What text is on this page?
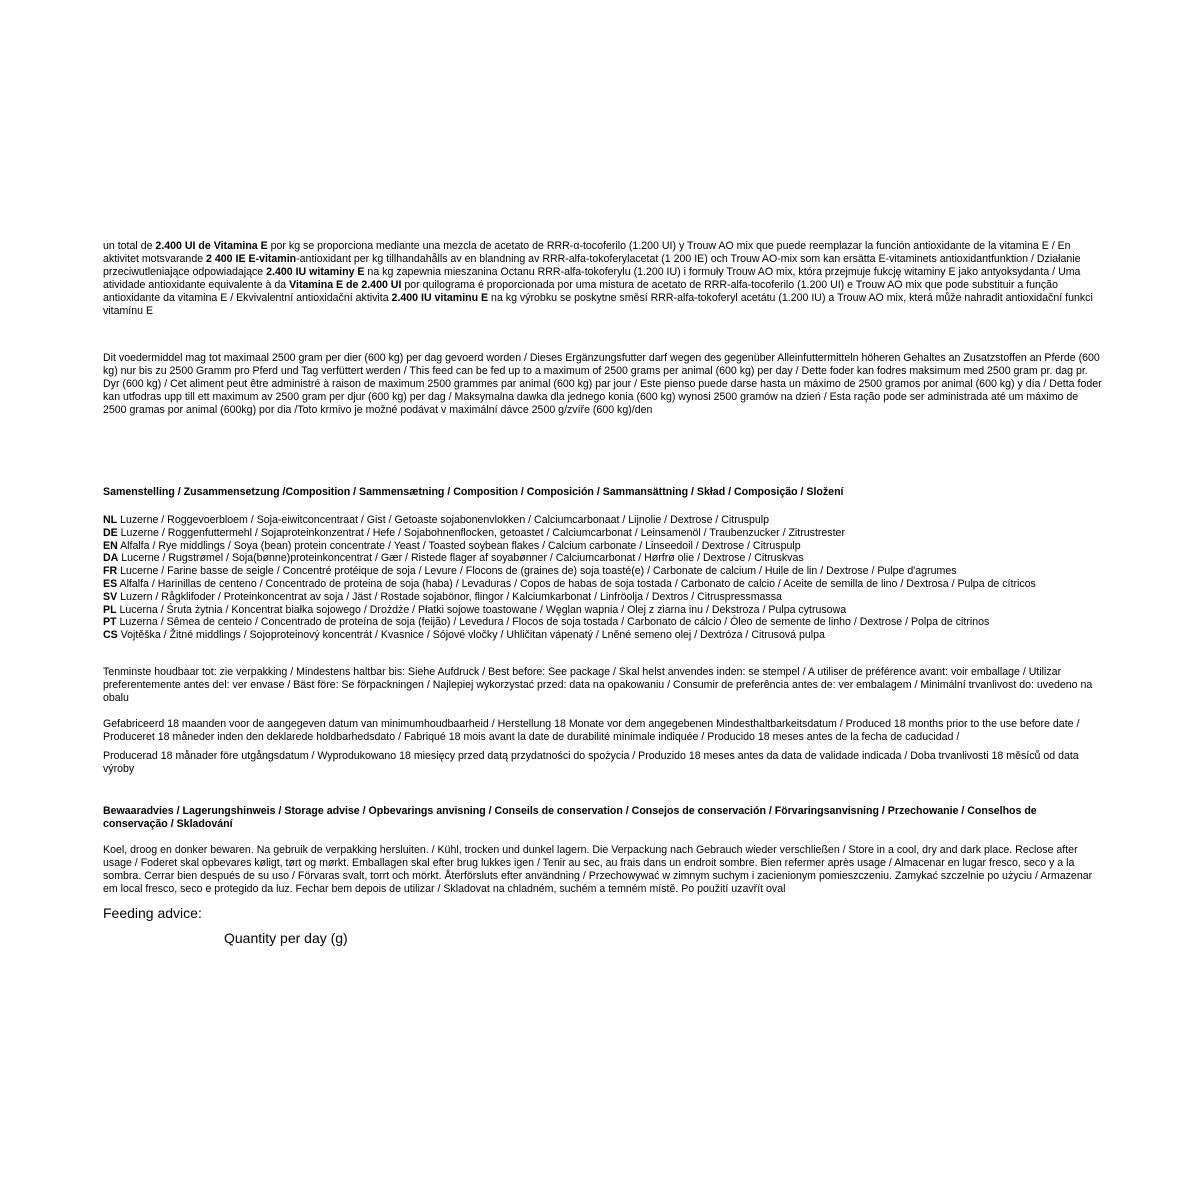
un total de 2.400 UI de Vitamina E por kg se proporciona mediante una mezcla de acetato de RRR-α-tocoferilo (1.200 UI) y Trouw AO mix que puede reemplazar la función antioxidante de la vitamina E / En aktivitet motsvarande 2 400 IE E-vitamin-antioxidant per kg tillhandahålls av en blandning av RRR-alfa-tokoferylacetat (1 200 IE) och Trouw AO-mix som kan ersätta E-vitaminets antioxidantfunktion / Działanie przeciwutleniające odpowiadające 2.400 IU witaminy E na kg zapewnia mieszanina Octanu RRR-alfa-tokoferylu (1.200 IU) i formuły Trouw AO mix, która przejmuje fukcję witaminy E jako antyoksydanta / Uma atividade antioxidante equivalente à da Vitamina E de 2.400 UI por quilograma é proporcionada por uma mistura de acetato de RRR-alfa-tocoferilo (1.200 UI) e Trouw AO mix que pode substituir a função antioxidante da vitamina E / Ekvivalentní antioxidační aktivita 2.400 IU vitaminu E na kg výrobku se poskytne směsí RRR-alfa-tokoferyl acetátu (1.200 IU) a Trouw AO mix, která může nahradit antioxidační funkci vitamínu E

Dit voedermiddel mag tot maximaal 2500 gram per dier (600 kg) per dag gevoerd worden / Dieses Ergänzungsfutter darf wegen des gegenüber Alleinfuttermitteln höheren Gehaltes an Zusatzstoffen an Pferde (600 kg) nur bis zu 2500 Gramm pro Pferd und Tag verfüttert werden / This feed can be fed up to a maximum of 2500 grams per animal (600 kg) per day / Dette foder kan fodres maksimum med 2500 gram pr. dag pr. Dyr (600 kg) / Cet aliment peut être administré à raison de maximum 2500 grammes par animal (600 kg) par jour / Este pienso puede darse hasta un máximo de 2500 gramos por animal (600 kg) y día / Detta foder kan utfodras upp till ett maximum av 2500 gram per djur (600 kg) per dag / Maksymalna dawka dla jednego konia (600 kg) wynosi 2500 gramów na dzień / Esta ração pode ser administrada até um máximo de 2500 gramas por animal (600kg) por dia /Toto krmivo je možné podávat v maximální dávce 2500 g/zvíře (600 kg)/den

Samenstelling / Zusammensetzung /Composition / Sammensætning / Composition / Composición / Sammansättning / Skład / Composição / Složení

NL Luzerne / Roggevoerbloem / Soja-eiwitconcentraat / Gist / Getoaste sojabonenvlokken / Calciumcarbonaat / Lijnolie / Dextrose / Citruspulp
DE Luzerne / Roggenfuttermehl / Sojaproteinkonzentrat / Hefe / Sojabohnenflocken, getoastet / Calciumcarbonat / Leinsamenöl / Traubenzucker / Zitrustrester
EN Alfalfa / Rye middlings / Soya (bean) protein concentrate / Yeast / Toasted soybean flakes / Calcium carbonate / Linseedoil / Dextrose / Citruspulp
DA Lucerne / Rugstrømel / Soja(bønne)proteinkoncentrat / Gær / Ristede flager af soyabønner / Calciumcarbonat / Hørfrø olie / Dextrose / Citruskvas
FR Lucerne / Farine basse de seigle / Concentré protéique de soja / Levure / Flocons de (graines de) soja toasté(e) / Carbonate de calcium / Huile de lin / Dextrose / Pulpe d'agrumes
ES Alfalfa / Harinillas de centeno / Concentrado de proteina de soja (haba) / Levaduras / Copos de habas de soja tostada / Carbonato de calcio / Aceite de semilla de lino / Dextrosa / Pulpa de cítricos
SV Luzern / Rågklifoder / Proteinkoncentrat av soja / Jäst / Rostade sojabönor, flingor / Kalciumkarbonat / Linfröolja / Dextros / Citruspressmassa
PL Lucerna / Śruta żytnia / Koncentrat białka sojowego / Drożdże / Płatki sojowe toastowane / Węglan wapnia / Olej z ziarna inu / Dekstroza / Pulpa cytrusowa
PT Luzerna / Sêmea de centeio / Concentrado de proteína de soja (feijão) / Levedura / Flocos de soja tostada / Carbonato de cálcio / Óleo de semente de linho / Dextrose / Polpa de citrinos
CS Vojtěška / Žitné middlings / Sojoproteinový koncentrát / Kvasnice / Sójové vločky / Uhličitan vápenatý / Lněné semeno olej / Dextróza / Citrusová pulpa

Tenminste houdbaar tot: zie verpakking / Mindestens haltbar bis: Siehe Aufdruck / Best before: See package / Skal helst anvendes inden: se stempel / A utiliser de préférence avant: voir emballage / Utilizar preferentemente antes del: ver envase / Bäst före: Se förpackningen / Najlepiej wykorzystać przed: data na opakowaniu / Consumir de preferência antes de: ver embalagem / Minimální trvanlivost do: uvedeno na obalu

Gefabriceerd 18 maanden voor de aangegeven datum van minimumhoudbaarheid / Herstellung 18 Monate vor dem angegebenen Mindesthaltbarkeitsdatum / Produced 18 months prior to the use before date / Produceret 18 måneder inden den deklarede holdbarhedsdato / Fabriqué 18 mois avant la date de durabilité minimale indiquée / Producido 18 meses antes de la fecha de caducidad /

Producerad 18 månader före utgångsdatum / Wyprodukowano 18 miesięcy przed datą przydatności do spożycia / Produzido 18 meses antes da data de validade indicada / Doba trvanlivosti 18 měsíců od data výroby

Bewaaradvies / Lagerungshinweis / Storage advise / Opbevarings anvisning / Conseils de conservation / Consejos de conservación / Förvaringsanvisning / Przechowanie / Conselhos de conservação / Skladování

Koel, droog en donker bewaren. Na gebruik de verpakking hersluiten. / Kühl, trocken und dunkel lagern. Die Verpackung nach Gebrauch wieder verschließen / Store in a cool, dry and dark place. Reclose after usage / Foderet skal opbevares køligt, tørt og mørkt. Emballagen skal efter brug lukkes igen / Tenir au sec, au frais dans un endroit sombre. Bien refermer après usage / Almacenar en lugar fresco, seco y a la sombra. Cerrar bien después de su uso / Förvaras svalt, torrt och mörkt. Återförsluts efter användning / Przechowywać w zimnym suchym i zacienionym pomieszczeniu. Zamykać szczelnie po użyciu / Armazenar em local fresco, seco e protegido da luz. Fechar bem depois de utilizar / Skladovat na chladném, suchém a temném místě. Po použití uzavřít oval

Feeding advice:
Quantity per day (g)
